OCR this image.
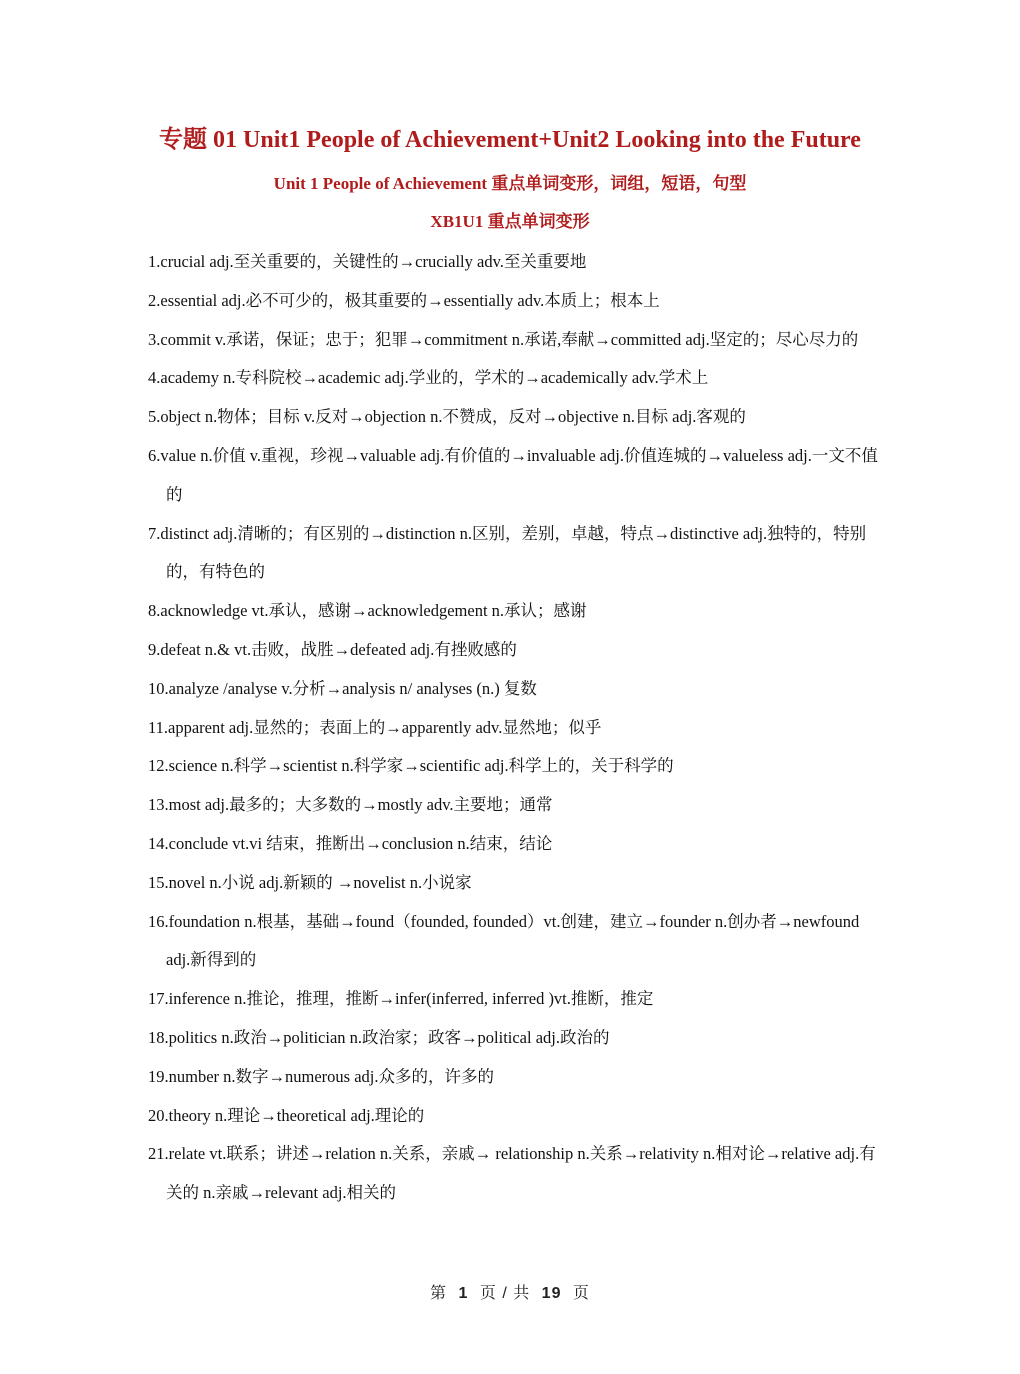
专题 01 Unit1 People of Achievement+Unit2 Looking into the Future
Unit 1 People of Achievement 重点单词变形，词组，短语，句型
XB1U1 重点单词变形

1.crucial adj.至关重要的，关键性的→crucially adv.至关重要地

2.essential adj.必不可少的，极其重要的→essentially adv.本质上；根本上

3.commit v.承诺，保证；忠于；犯罪→commitment n.承诺,奉献→committed adj.坚定的；尽心尽力的

4.academy n.专科院校→academic adj.学业的，学术的→academically adv.学术上

5.object n.物体；目标 v.反对→objection n.不赞成，反对→objective n.目标 adj.客观的

6.value n.价值 v.重视，珍视→valuable adj.有价值的→invaluable adj.价值连城的→valueless adj.一文不值的

7.distinct adj.清晰的；有区别的→distinction n.区别，差别，卓越，特点→distinctive adj.独特的，特别的，有特色的

8.acknowledge vt.承认，感谢→acknowledgement n.承认；感谢

9.defeat n.& vt.击败，战胜→defeated adj.有挫败感的

10.analyze /analyse v.分析→analysis n/ analyses (n.) 复数

11.apparent adj.显然的；表面上的→apparently adv.显然地；似乎

12.science n.科学→scientist n.科学家→scientific adj.科学上的，关于科学的

13.most adj.最多的；大多数的→mostly adv.主要地；通常

14.conclude vt.vi 结束，推断出→conclusion n.结束，结论

15.novel n.小说 adj.新颖的 →novelist n.小说家

16.foundation n.根基，基础→found（founded, founded）vt.创建，建立→founder n.创办者→newfound adj.新得到的

17.inference n.推论，推理，推断→infer(inferred, inferred )vt.推断，推定

18.politics n.政治→politician n.政治家；政客→political adj.政治的

19.number n.数字→numerous adj.众多的，许多的

20.theory n.理论→theoretical adj.理论的

21.relate vt.联系；讲述→relation n.关系，亲戚→ relationship n.关系→relativity n.相对论→relative adj.有关的 n.亲戚→relevant adj.相关的

第 1 页 / 共 19 页
